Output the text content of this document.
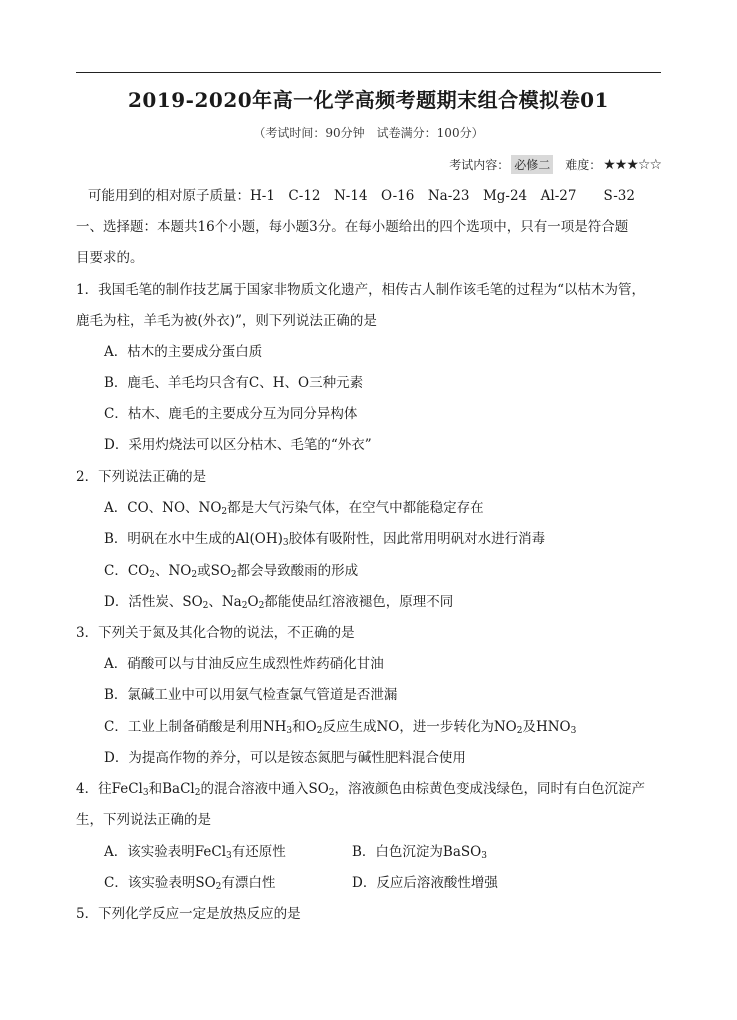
2019-2020年高一化学高频考题期末组合模拟卷01
（考试时间：90分钟　试卷满分：100分）
考试内容： 必修二 难度： ★★★☆☆
可能用到的相对原子质量：H-1　C-12　N-14　O-16　Na-23　Mg-24　Al-27　　S-32
一、选择题：本题共16个小题，每小题3分。在每小题给出的四个选项中，只有一项是符合题
目要求的。
1．我国毛笔的制作技艺属于国家非物质文化遗产，相传古人制作该毛笔的过程为“以枯木为管，
鹿毛为柱，羊毛为被(外衣)”，则下列说法正确的是
A．枯木的主要成分蛋白质
B．鹿毛、羊毛均只含有C、H、O三种元素
C．枯木、鹿毛的主要成分互为同分异构体
D．采用灼烧法可以区分枯木、毛笔的“外衣”
2．下列说法正确的是
A．CO、NO、$NO_2$都是大气污染气体，在空气中都能稳定存在
B．明矾在水中生成的$Al(OH)_3$胶体有吸附性，因此常用明矾对水进行消毒
C．$CO_2$、$NO_2$或$SO_2$都会导致酸雨的形成
D．活性炭、$SO_2$、$Na_2O_2$都能使品红溶液褪色，原理不同
3．下列关于氮及其化合物的说法，不正确的是
A．硝酸可以与甘油反应生成烈性炸药硝化甘油
B．氯碱工业中可以用氨气检查氯气管道是否泄漏
C．工业上制备硝酸是利用$NH_3$和$O_2$反应生成NO，进一步转化为$NO_2$及$HNO_3$
D．为提高作物的养分，可以是铵态氮肥与碱性肥料混合使用
4．往FeCl$_3$和BaCl$_2$的混合溶液中通入$SO_2$，溶液颜色由棕黄色变成浅绿色，同时有白色沉淀产
生，下列说法正确的是
A．该实验表明FeCl$_3$有还原性	B．白色沉淀为BaSO$_3$
C．该实验表明$SO_2$有漂白性	D．反应后溶液酸性增强
5．下列化学反应一定是放热反应的是
